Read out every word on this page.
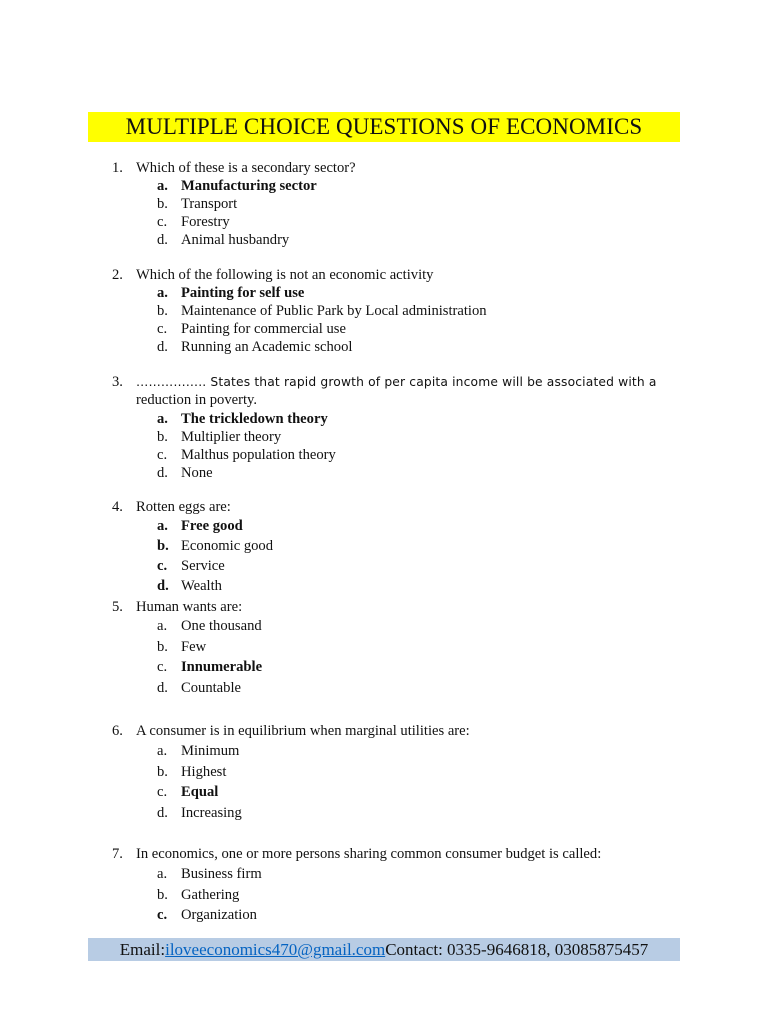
MULTIPLE CHOICE QUESTIONS OF ECONOMICS
1. Which of these is a secondary sector?
a. Manufacturing sector
b. Transport
c. Forestry
d. Animal husbandry
2. Which of the following is not an economic activity
a. Painting for self use
b. Maintenance of Public Park by Local administration
c. Painting for commercial use
d. Running an Academic school
3. …………….. States that rapid growth of per capita income will be associated with a
reduction in poverty.
a. The trickledown theory
b. Multiplier theory
c. Malthus population theory
d. None
4. Rotten eggs are:
a. Free good
b. Economic good
c. Service
d. Wealth
5. Human wants are:
a. One thousand
b. Few
c. Innumerable
d. Countable
6. A consumer is in equilibrium when marginal utilities are:
a. Minimum
b. Highest
c. Equal
d. Increasing
7. In economics, one or more persons sharing common consumer budget is called:
a. Business firm
b. Gathering
c. Organization
Email: iloveeconomics470@gmail.com Contact: 0335-9646818, 03085875457
